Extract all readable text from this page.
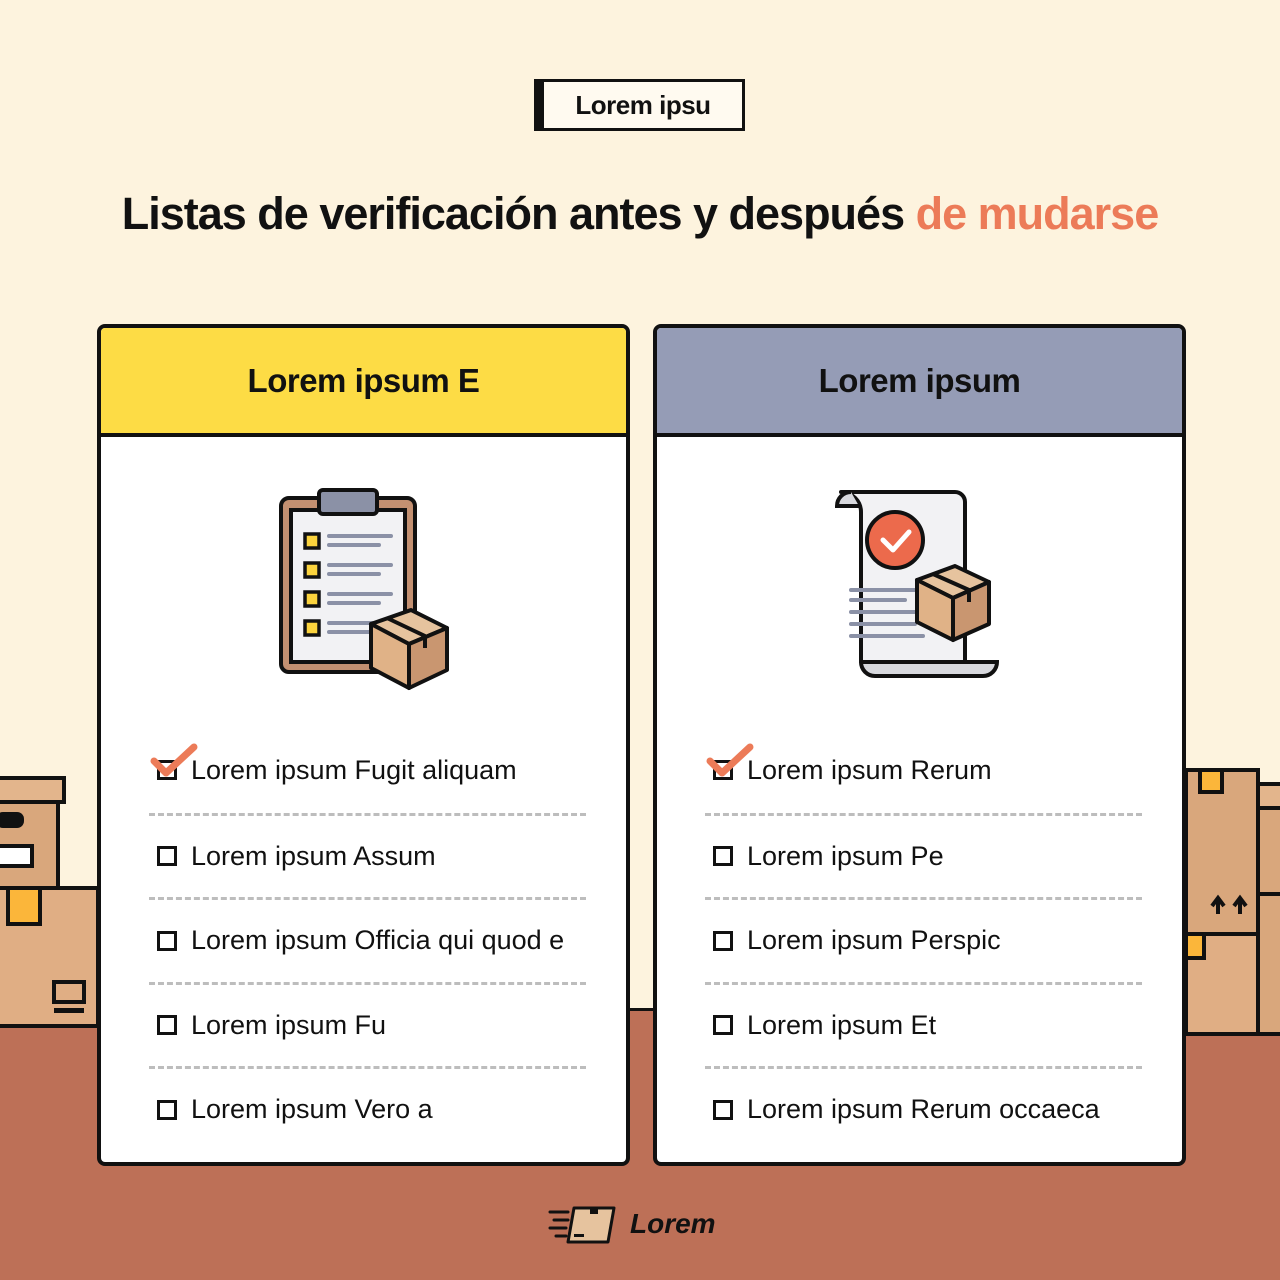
Lorem ipsu
Listas de verificación antes y después de mudarse
Lorem ipsum E
Lorem ipsum Fugit aliquam
Lorem ipsum Assum
Lorem ipsum Officia qui quod e
Lorem ipsum Fu
Lorem ipsum Vero a
Lorem ipsum
Lorem ipsum Rerum
Lorem ipsum Pe
Lorem ipsum Perspic
Lorem ipsum Et
Lorem ipsum Rerum occaeca
Lorem
